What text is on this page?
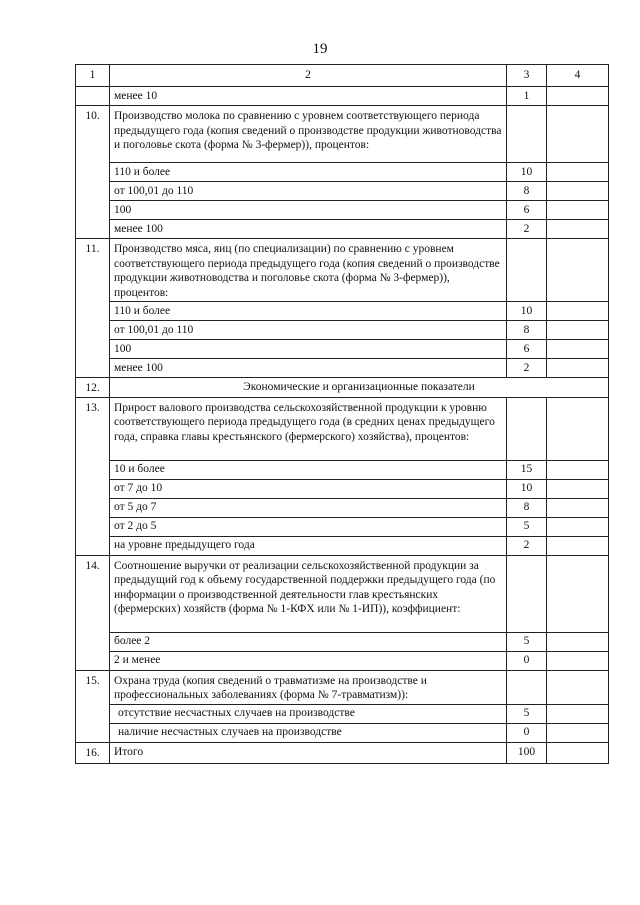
19
1	2	3	4
	менее 10	1	
10.	Производство молока по сравнению с уровнем соответствующего периода предыдущего года (копия сведений о производстве продукции животноводства и поголовье скота (форма № 3-фермер)), процентов:		
	110 и более	10	
	от 100,01 до 110	8	
	100	6	
	менее 100	2	
11.	Производство мяса, яиц (по специализации) по сравнению с уровнем соответствующего периода предыдущего года (копия сведений о производстве продукции животноводства и поголовье скота (форма № 3-фермер)), процентов:		
	110 и более	10	
	от 100,01 до 110	8	
	100	6	
	менее 100	2	
12.	Экономические и организационные показатели		
13.	Прирост валового производства сельскохозяйственной продукции к уровню соответствующего периода предыдущего года (в средних ценах предыдущего года, справка главы крестьянского (фермерского) хозяйства), процентов:		
	10 и более	15	
	от 7 до 10	10	
	от 5 до 7	8	
	от 2 до 5	5	
	на уровне предыдущего года	2	
14.	Соотношение выручки от реализации сельскохозяйственной продукции за предыдущий год к объему государственной поддержки предыдущего года (по информации о производственной деятельности глав крестьянских (фермерских) хозяйств (форма № 1-КФХ или № 1-ИП)), коэффициент:		
	более 2	5	
	2 и менее	0	
15.	Охрана труда (копия сведений о травматизме на производстве и профессиональных заболеваниях (форма № 7-травматизм)):		
	отсутствие несчастных случаев на производстве	5	
	наличие несчастных случаев на производстве	0	
16.	Итого	100	
